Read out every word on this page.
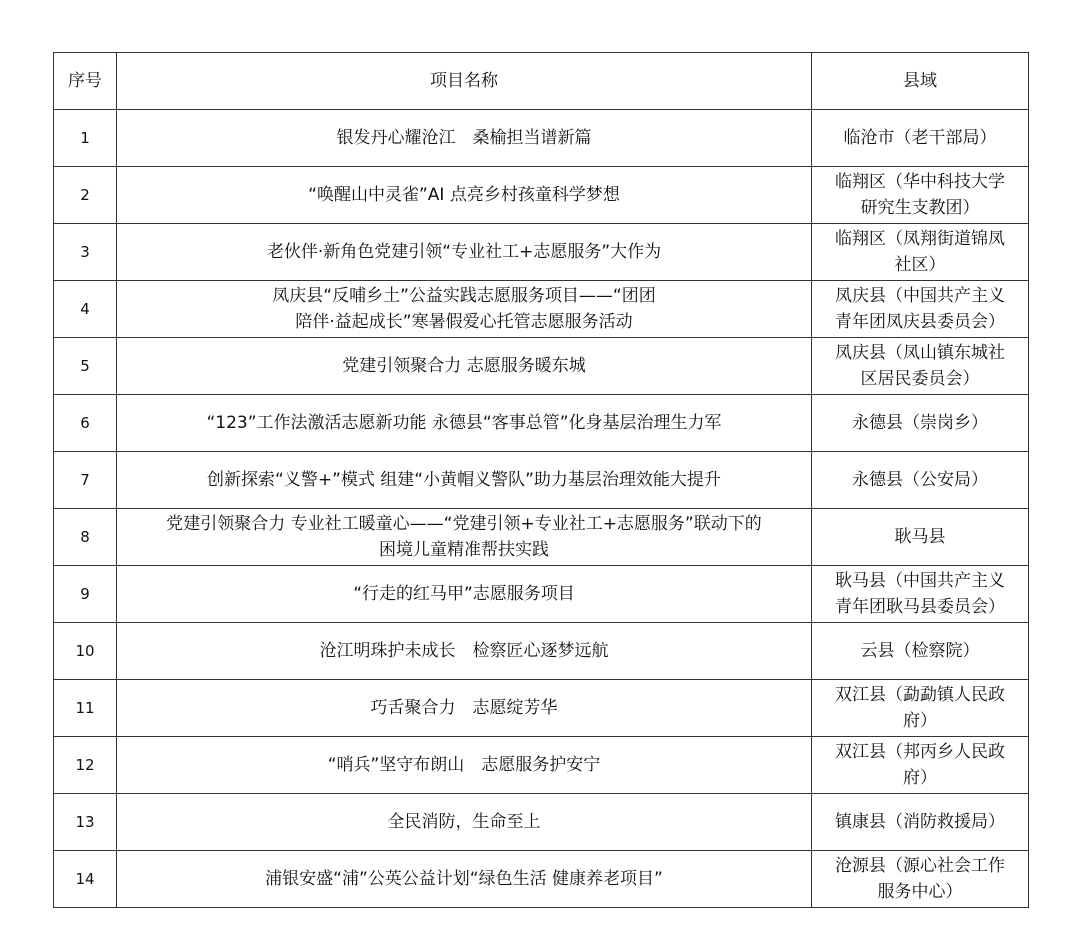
序号	项目名称	县域

1	银发丹心耀沧江　桑榆担当谱新篇	临沧市（老干部局）

2	“唤醒山中灵雀”AI 点亮乡村孩童科学梦想	临翔区（华中科技大学
研究生支教团）

3	老伙伴·新角色党建引领“专业社工+志愿服务”大作为	临翔区（凤翔街道锦凤
社区）

4	凤庆县“反哺乡土”公益实践志愿服务项目——“团团
陪伴·益起成长”寒暑假爱心托管志愿服务活动	凤庆县（中国共产主义
青年团凤庆县委员会）

5	党建引领聚合力 志愿服务暖东城	凤庆县（凤山镇东城社
区居民委员会）

6	“123”工作法激活志愿新功能 永德县“客事总管”化身基层治理生力军	永德县（崇岗乡）

7	创新探索“义警+”模式 组建“小黄帽义警队”助力基层治理效能大提升	永德县（公安局）

8	党建引领聚合力 专业社工暖童心——“党建引领+专业社工+志愿服务”联动下的
困境儿童精准帮扶实践	耿马县

9	“行走的红马甲”志愿服务项目	耿马县（中国共产主义
青年团耿马县委员会）

10	沧江明珠护未成长　检察匠心逐梦远航	云县（检察院）

11	巧舌聚合力　志愿绽芳华	双江县（勐勐镇人民政
府）

12	“哨兵”坚守布朗山　志愿服务护安宁	双江县（邦丙乡人民政
府）

13	全民消防，生命至上	镇康县（消防救援局）

14	浦银安盛“浦”公英公益计划“绿色生活 健康养老项目”	沧源县（源心社会工作
服务中心）
